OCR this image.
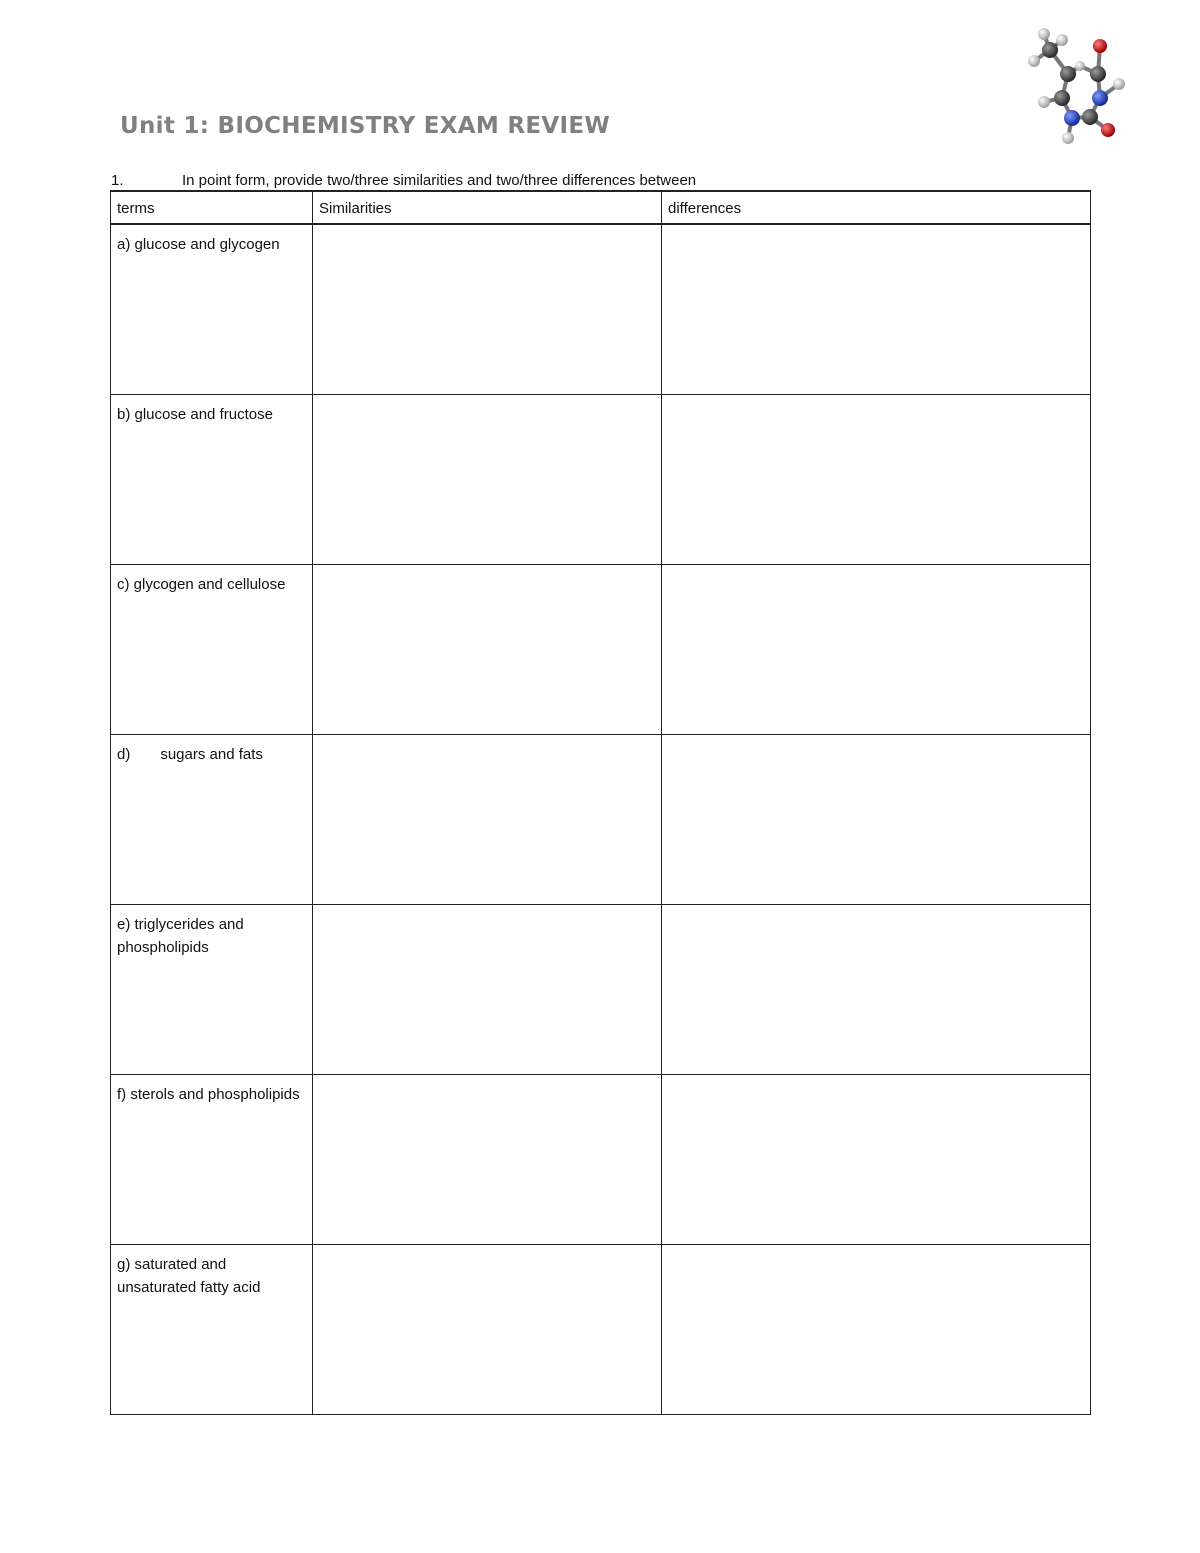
Unit 1: BIOCHEMISTRY EXAM REVIEW
1.	In point form, provide two/three similarities and two/three differences between
terms	Similarities	differences
a) glucose and glycogen		
b) glucose and fructose		
c) glycogen and cellulose		
d) sugars and fats		
e) triglycerides and phospholipids		
f) sterols and phospholipids		
g) saturated and unsaturated fatty acid		
